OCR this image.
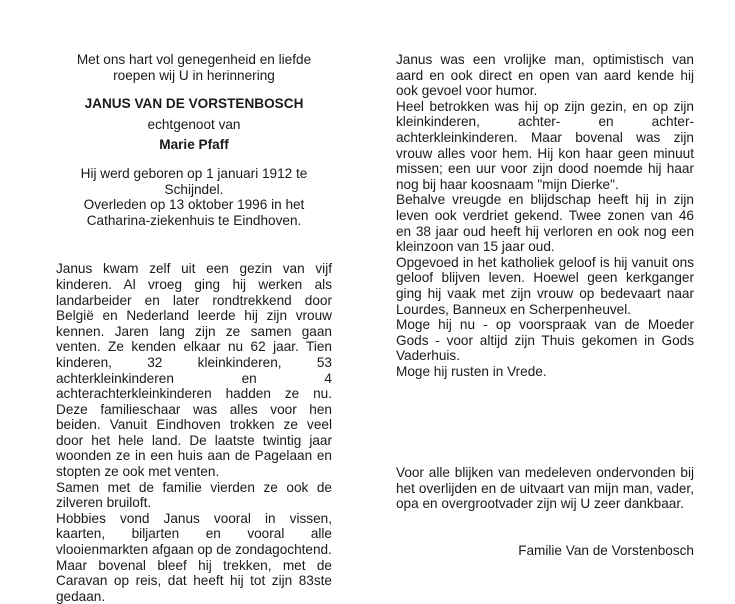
Met ons hart vol genegenheid en liefde
roepen wij U in herinnering
JANUS VAN DE VORSTENBOSCH
echtgenoot van
Marie Pfaff
Hij werd geboren op 1 januari 1912 te Schijndel.
Overleden op 13 oktober 1996 in het
Catharina-ziekenhuis te Eindhoven.

Janus kwam zelf uit een gezin van vijf kinderen. Al vroeg ging hij werken als landarbeider en later rondtrekkend door België en Nederland leerde hij zijn vrouw kennen. Jaren lang zijn ze samen gaan venten. Ze kenden elkaar nu 62 jaar. Tien kinderen, 32 kleinkinderen, 53 achterkleinkinderen en 4 achterachterkleinkinderen hadden ze nu. Deze familieschaar was alles voor hen beiden. Vanuit Eindhoven trokken ze veel door het hele land. De laatste twintig jaar woonden ze in een huis aan de Pagelaan en stopten ze ook met venten.

Samen met de familie vierden ze ook de zilveren bruiloft.

Hobbies vond Janus vooral in vissen, kaarten, biljarten en vooral alle vlooienmarkten afgaan op de zondagochtend.

Maar bovenal bleef hij trekken, met de Caravan op reis, dat heeft hij tot zijn 83ste gedaan.

Janus was een vrolijke man, optimistisch van aard en ook direct en open van aard kende hij ook gevoel voor humor.

Heel betrokken was hij op zijn gezin, en op zijn kleinkinderen, achter- en achter-achterkleinkinderen. Maar bovenal was zijn vrouw alles voor hem. Hij kon haar geen minuut missen; een uur voor zijn dood noemde hij haar nog bij haar koosnaam "mijn Dierke".

Behalve vreugde en blijdschap heeft hij in zijn leven ook verdriet gekend. Twee zonen van 46 en 38 jaar oud heeft hij verloren en ook nog een kleinzoon van 15 jaar oud.

Opgevoed in het katholiek geloof is hij vanuit ons geloof blijven leven. Hoewel geen kerkganger ging hij vaak met zijn vrouw op bedevaart naar Lourdes, Banneux en Scherpenheuvel.

Moge hij nu - op voorspraak van de Moeder Gods - voor altijd zijn Thuis gekomen in Gods Vaderhuis.

Moge hij rusten in Vrede.

Voor alle blijken van medeleven ondervonden bij het overlijden en de uitvaart van mijn man, vader, opa en overgrootvader zijn wij U zeer dankbaar.

Familie Van de Vorstenbosch
